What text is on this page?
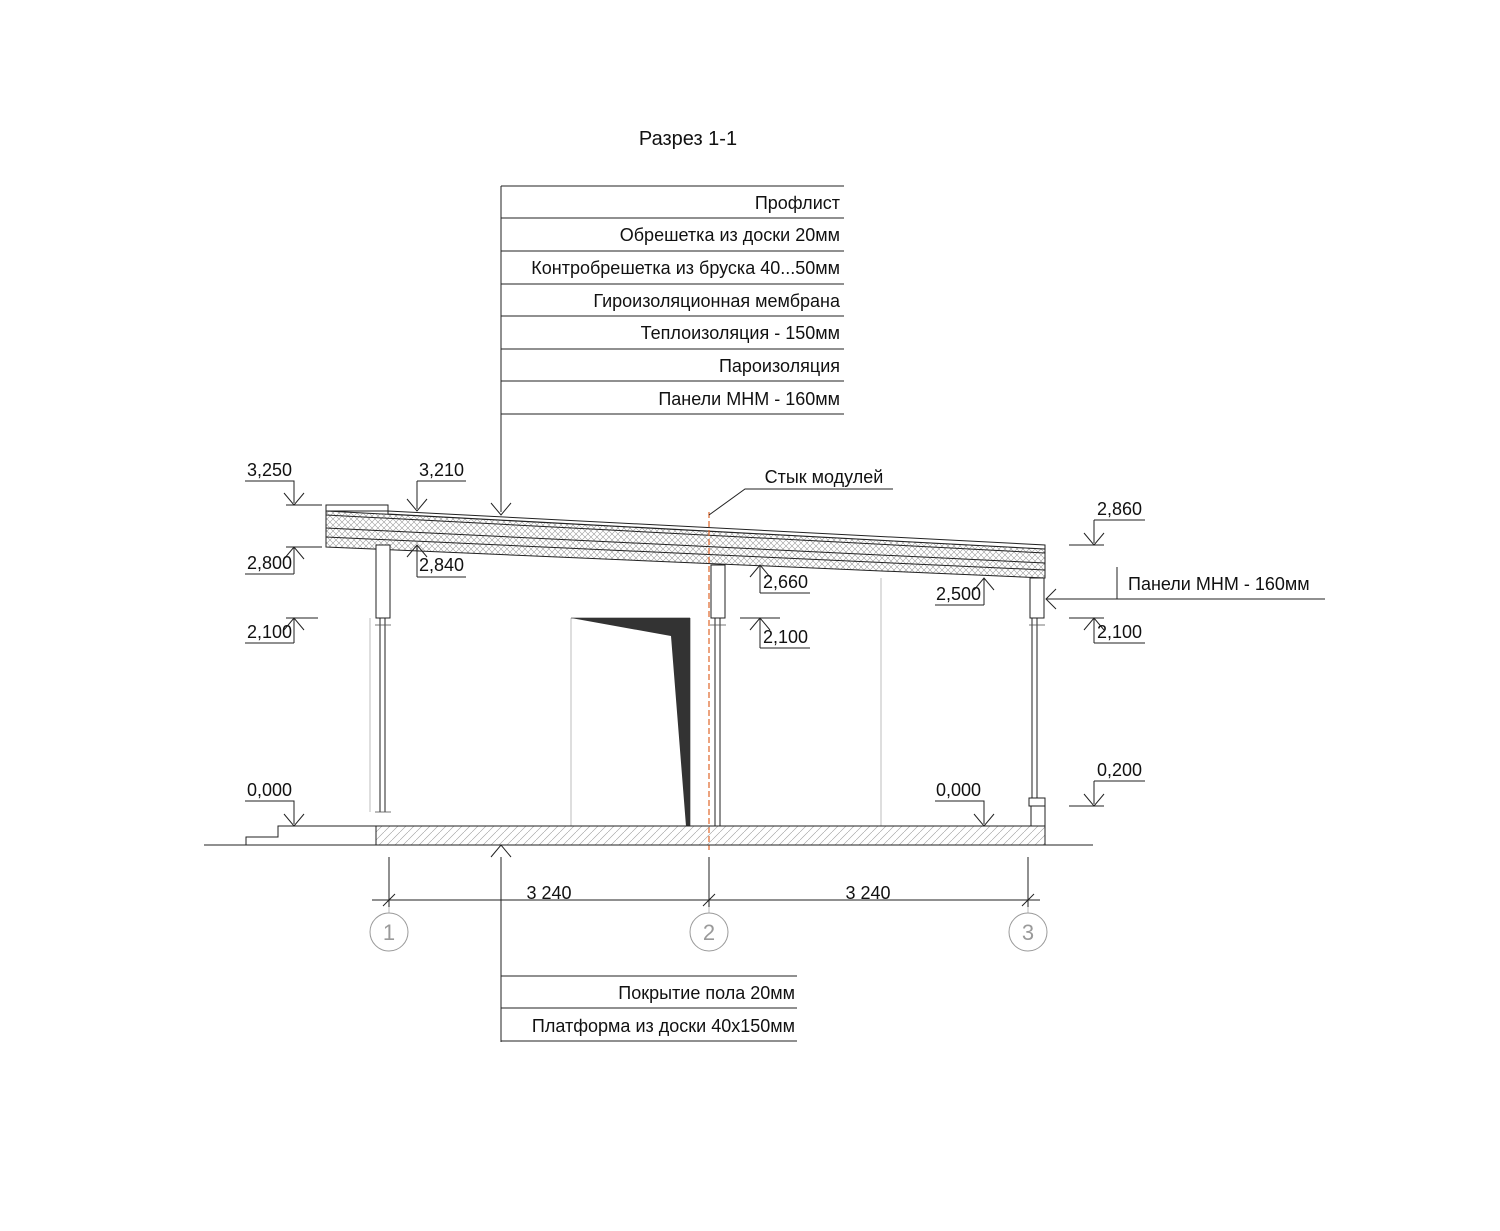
Разрез 1-1
Профлист
Обрешетка из доски 20мм
Контробрешетка из бруска 40...50мм
Гироизоляционная мембрана
Теплоизоляция - 150мм
Пароизоляция
Панели МНМ - 160мм
Стык модулей
3,250	3,210
2,800	2,840
2,660
2,500
2,860
2,100	2,100	2,100
0,000	0,000
0,200
Панели МНМ - 160мм
3 240	3 240
1	2	3
Покрытие пола 20мм
Платформа из доски 40х150мм
